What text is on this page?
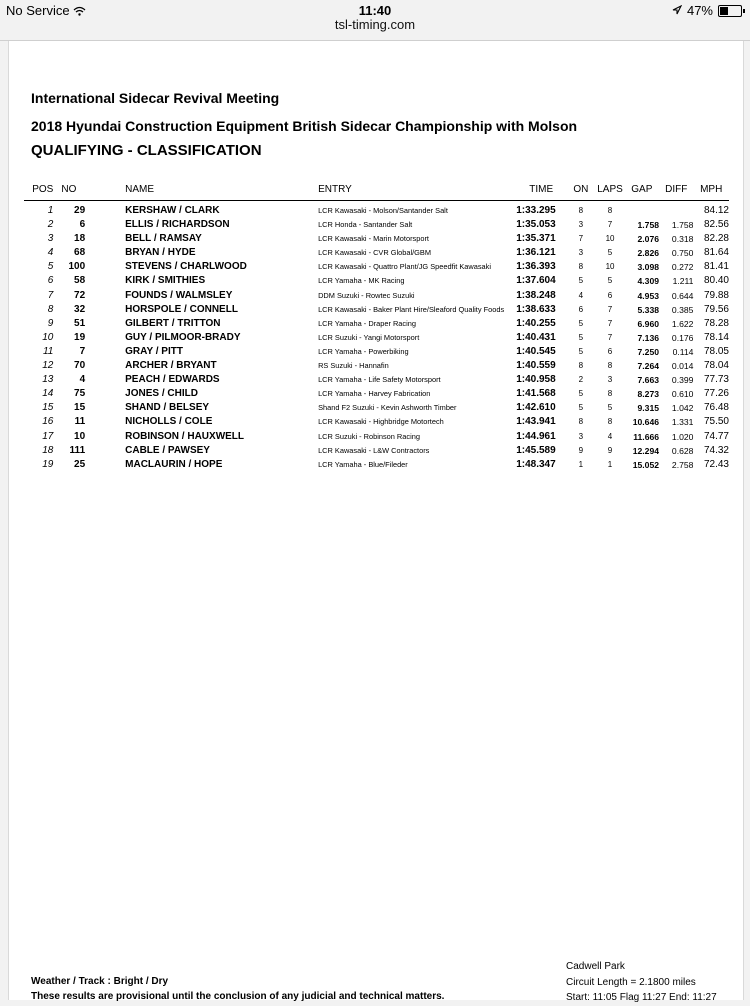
No Service	11:40	47%
tsl-timing.com
International Sidecar Revival Meeting
2018 Hyundai Construction Equipment British Sidecar Championship with Molson
QUALIFYING - CLASSIFICATION
POS	NO	NAME	ENTRY	TIME	ON	LAPS	GAP	DIFF	MPH
1	29	KERSHAW / CLARK	LCR Kawasaki - Molson/Santander Salt	1:33.295	8	8			84.12
2	6	ELLIS / RICHARDSON	LCR Honda - Santander Salt	1:35.053	3	7	1.758	1.758	82.56
3	18	BELL / RAMSAY	LCR Kawasaki - Marin Motorsport	1:35.371	7	10	2.076	0.318	82.28
4	68	BRYAN / HYDE	LCR Kawasaki - CVR Global/GBM	1:36.121	3	5	2.826	0.750	81.64
5	100	STEVENS / CHARLWOOD	LCR Kawasaki - Quattro Plant/JG Speedfit Kawasaki	1:36.393	8	10	3.098	0.272	81.41
6	58	KIRK / SMITHIES	LCR Yamaha - MK Racing	1:37.604	5	5	4.309	1.211	80.40
7	72	FOUNDS / WALMSLEY	DDM Suzuki - Rowtec Suzuki	1:38.248	4	6	4.953	0.644	79.88
8	32	HORSPOLE / CONNELL	LCR Kawasaki - Baker Plant Hire/Sleaford Quality Foods	1:38.633	6	7	5.338	0.385	79.56
9	51	GILBERT / TRITTON	LCR Yamaha - Draper Racing	1:40.255	5	7	6.960	1.622	78.28
10	19	GUY / PILMOOR-BRADY	LCR Suzuki - Yangi Motorsport	1:40.431	5	7	7.136	0.176	78.14
11	7	GRAY / PITT	LCR Yamaha - Powerbiking	1:40.545	5	6	7.250	0.114	78.05
12	70	ARCHER / BRYANT	RS Suzuki - Hannafin	1:40.559	8	8	7.264	0.014	78.04
13	4	PEACH / EDWARDS	LCR Yamaha - Life Safety Motorsport	1:40.958	2	3	7.663	0.399	77.73
14	75	JONES / CHILD	LCR Yamaha - Harvey Fabrication	1:41.568	5	8	8.273	0.610	77.26
15	15	SHAND / BELSEY	Shand F2 Suzuki - Kevin Ashworth Timber	1:42.610	5	5	9.315	1.042	76.48
16	11	NICHOLLS / COLE	LCR Kawasaki - Highbridge Motortech	1:43.941	8	8	10.646	1.331	75.50
17	10	ROBINSON / HAUXWELL	LCR Suzuki - Robinson Racing	1:44.961	3	4	11.666	1.020	74.77
18	111	CABLE / PAWSEY	LCR Kawasaki - L&W Contractors	1:45.589	9	9	12.294	0.628	74.32
19	25	MACLAURIN / HOPE	LCR Yamaha - Blue/Fileder	1:48.347	1	1	15.052	2.758	72.43
Weather / Track : Bright / Dry
These results are provisional until the conclusion of any judicial and technical matters.
Cadwell Park
Circuit Length = 2.1800 miles
Start: 11:05 Flag 11:27 End: 11:27
